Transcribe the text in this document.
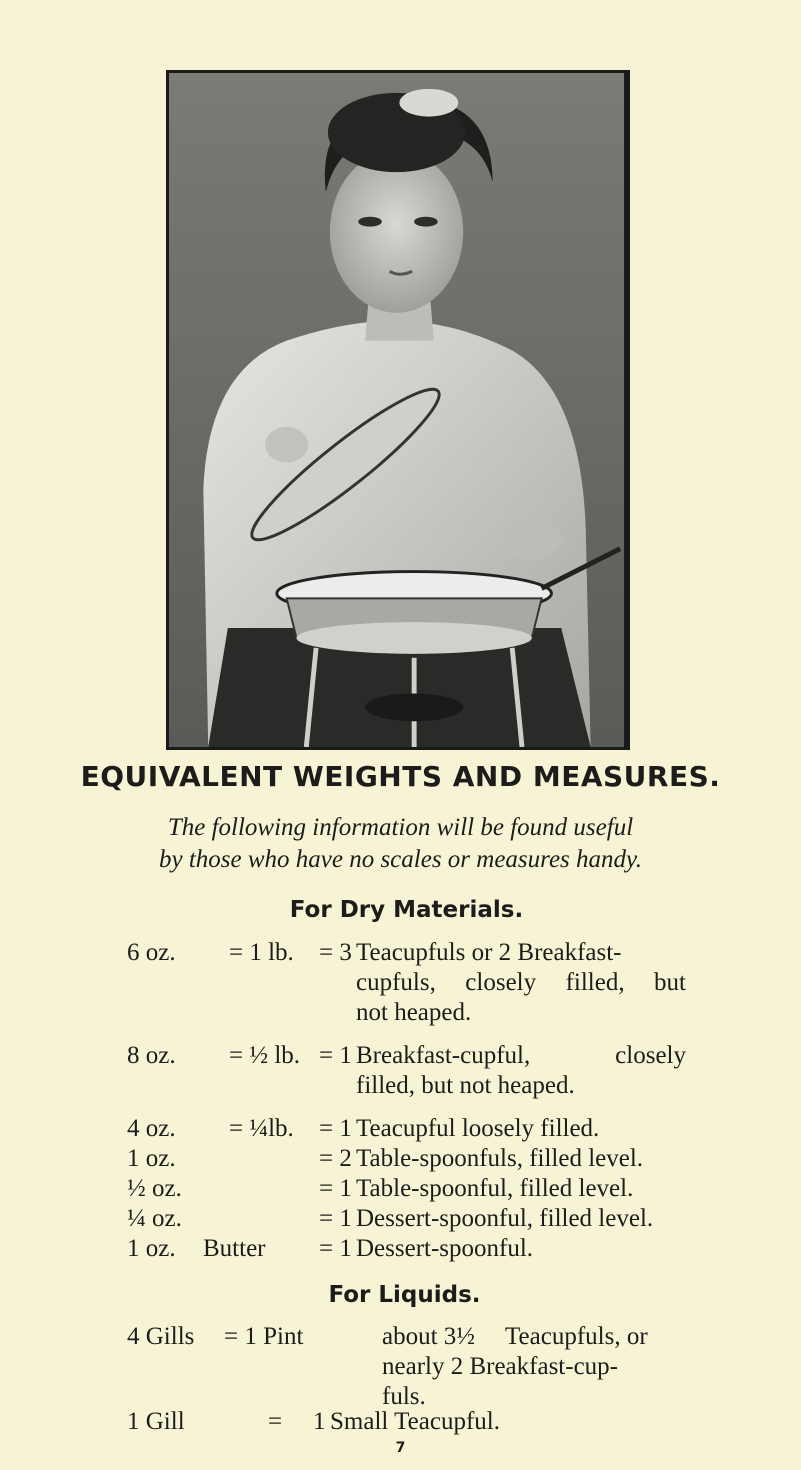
EQUIVALENT WEIGHTS AND MEASURES.
The following information will be found useful
by those who have no scales or measures handy.
For Dry Materials.
6 oz. = 1 lb. = 3 Teacupfuls or 2 Breakfast-
cupfuls, closely filled, but
not heaped.
8 oz. = ½ lb. = 1 Breakfast-cupful, closely
filled, but not heaped.
4 oz. = ¼lb. = 1 Teacupful loosely filled.
1 oz.	= 2 Table-spoonfuls, filled level.
½ oz.	= 1 Table-spoonful, filled level.
¼ oz.	= 1 Dessert-spoonful, filled level.
1 oz. Butter = 1 Dessert-spoonful.
For Liquids.
4 Gills = 1 Pint	about 3½ Teacupfuls, or
nearly 2 Breakfast-cup-
fuls.
1 Gill	= 1 Small Teacupful.
7
